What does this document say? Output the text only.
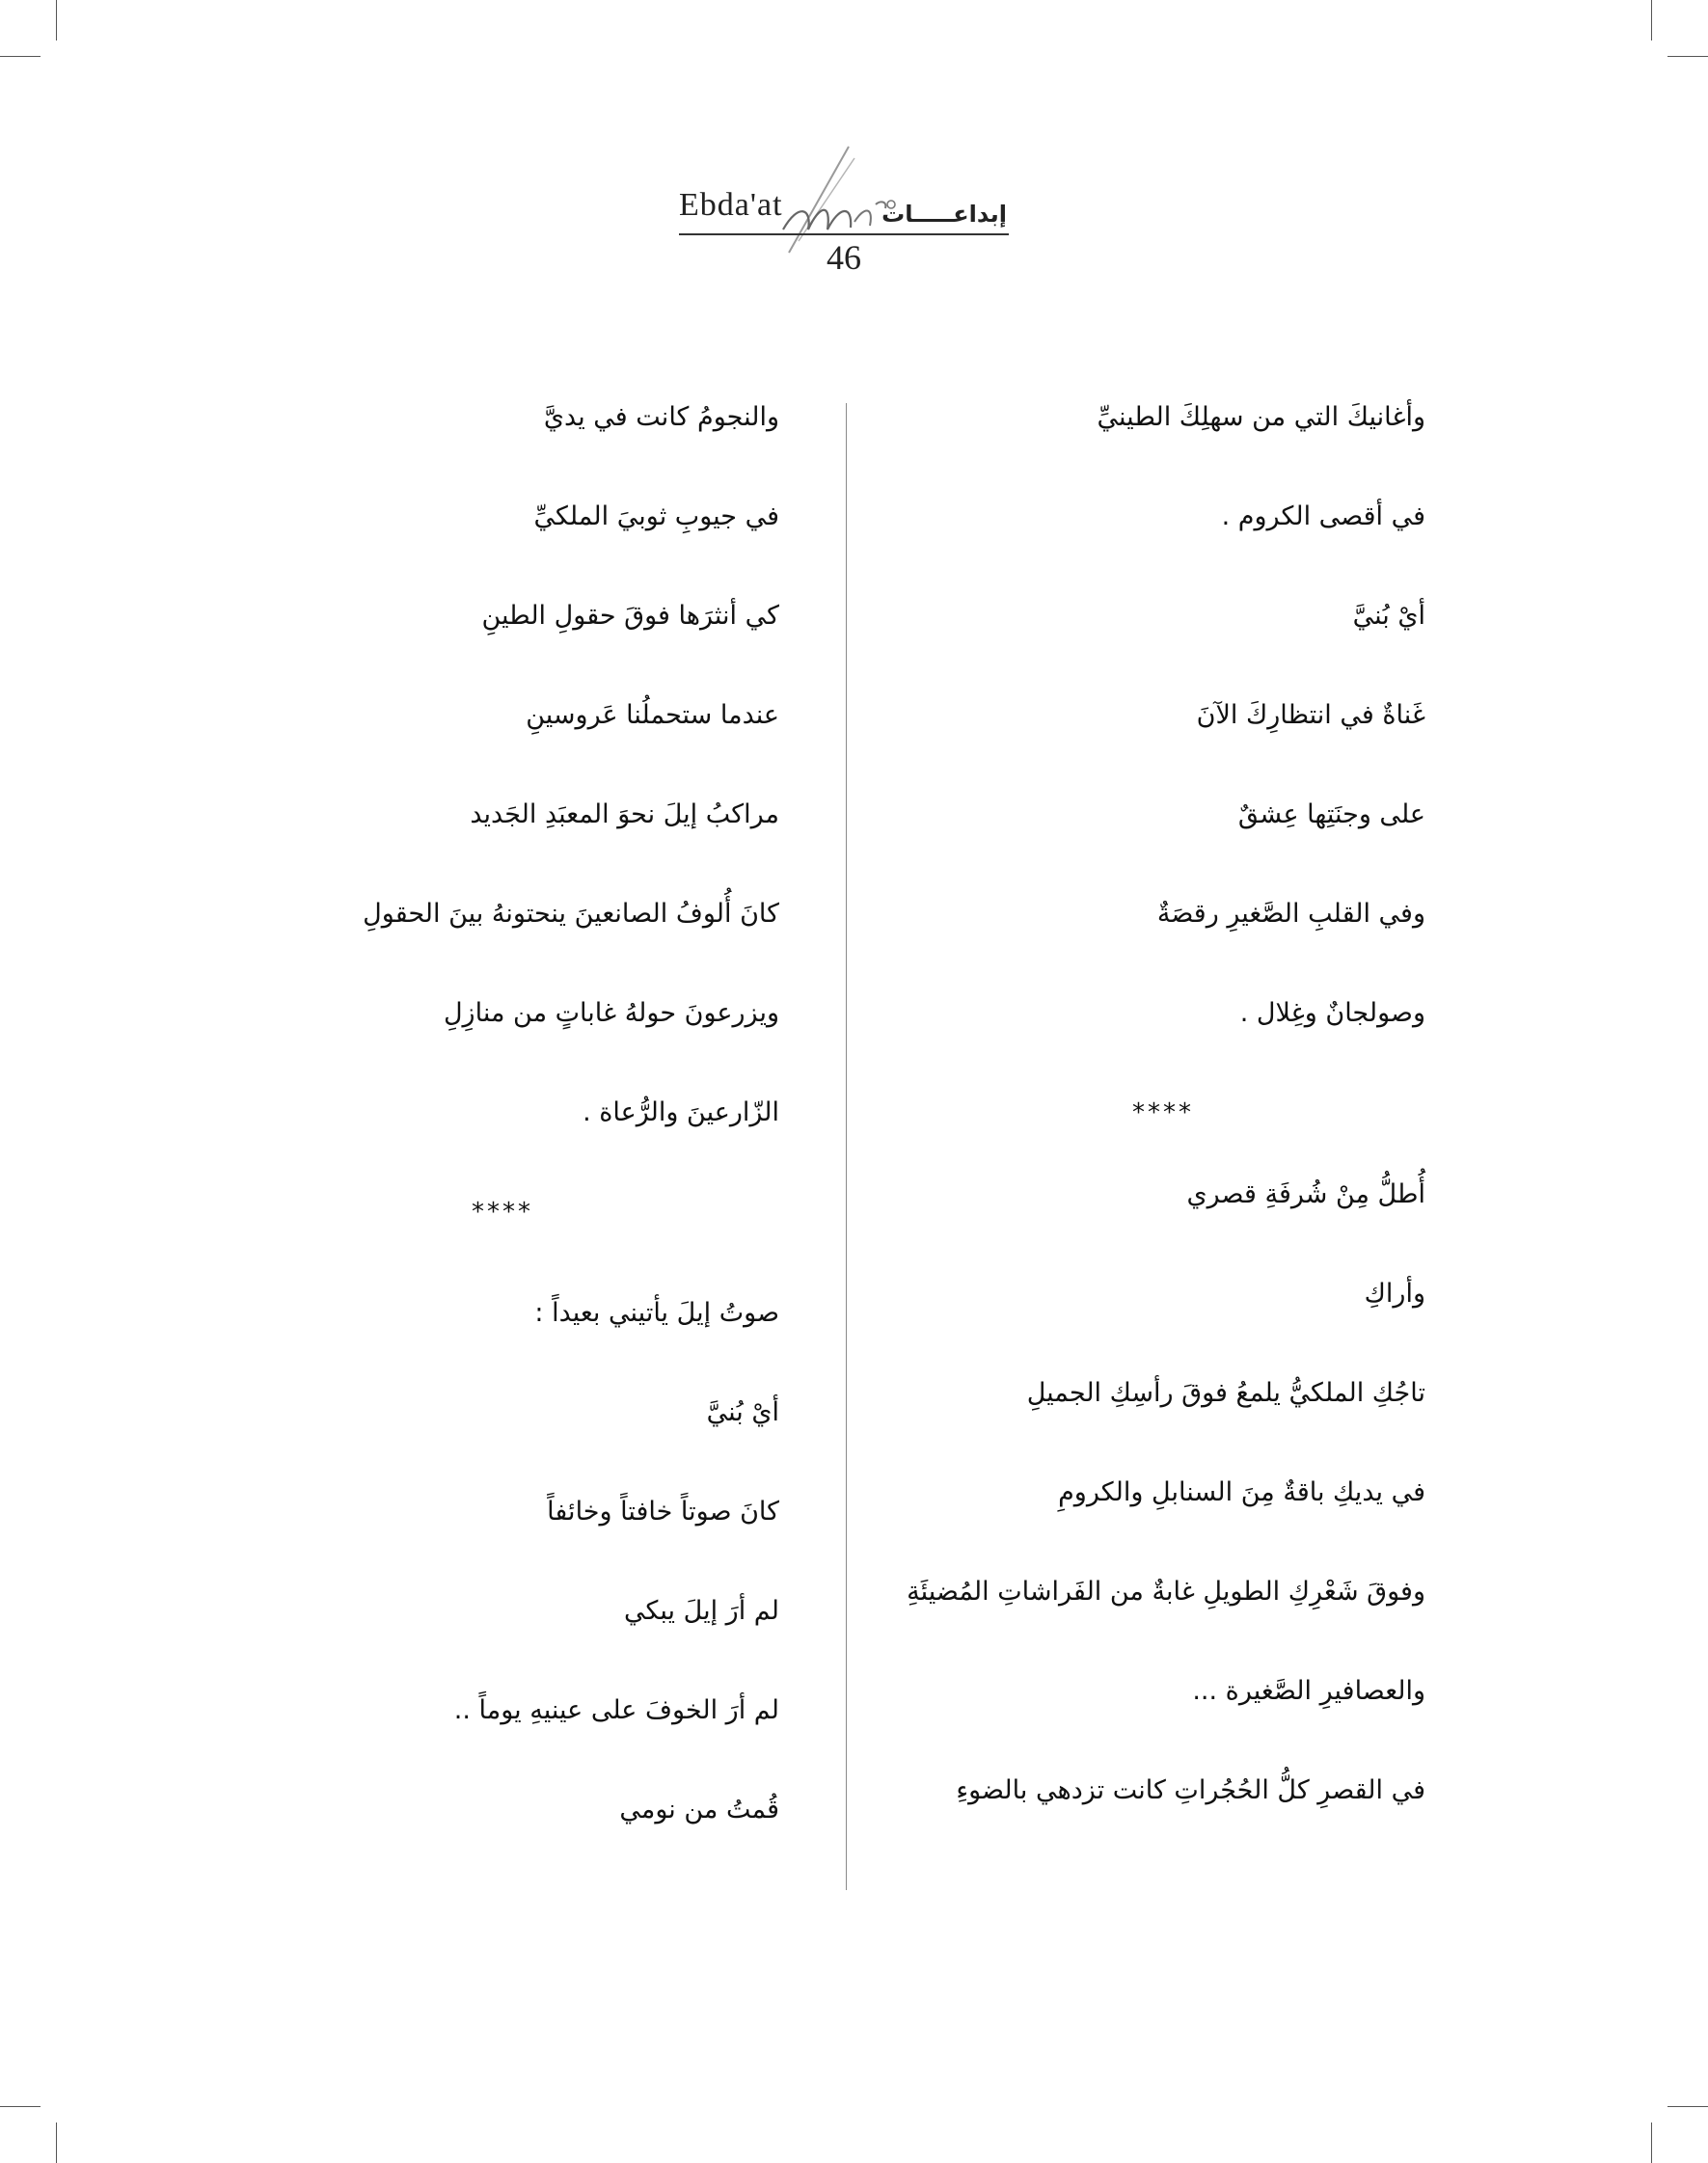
Ebda'at	إبداعـــــات
46
وأغانيكَ التي من سهلِكَ الطينيِّ
في أقصى الكروم .
أيْ بُنيَّ
غَناةٌ في انتظارِكَ الآنَ
على وجنَتِها عِشقٌ
وفي القلبِ الصَّغيرِ رقصَةٌ
وصولجانٌ وغِلال .
****
أُطلُّ مِنْ شُرفَةِ قصري
وأراكِ
تاجُكِ الملكيُّ يلمعُ فوقَ رأسِكِ الجميلِ
في يديكِ باقةٌ مِنَ السنابلِ والكرومِ
وفوقَ شَعْرِكِ الطويلِ غابةٌ من الفَراشاتِ المُضيئَةِ
والعصافيرِ الصَّغيرة ...
في القصرِ كلُّ الحُجُراتِ كانت تزدهي بالضوءِ
والنجومُ كانت في يديَّ
في جيوبِ ثوبيَ الملكيِّ
كي أنثرَها فوقَ حقولِ الطينِ
عندما ستحملُنا عَروسينِ
مراكبُ إيلَ نحوَ المعبَدِ الجَديد
كانَ أُلوفُ الصانعينَ ينحتونهُ بينَ الحقولِ
ويزرعونَ حولهُ غاباتٍ من منازِلِ
الزّارعينَ والرُّعاة .
****
صوتُ إيلَ يأتيني بعيداً :
أيْ بُنيَّ
كانَ صوتاً خافتاً وخائفاً
لم أرَ إيلَ يبكي
لم أرَ الخوفَ على عينيهِ يوماً ..
قُمتُ من نومي
